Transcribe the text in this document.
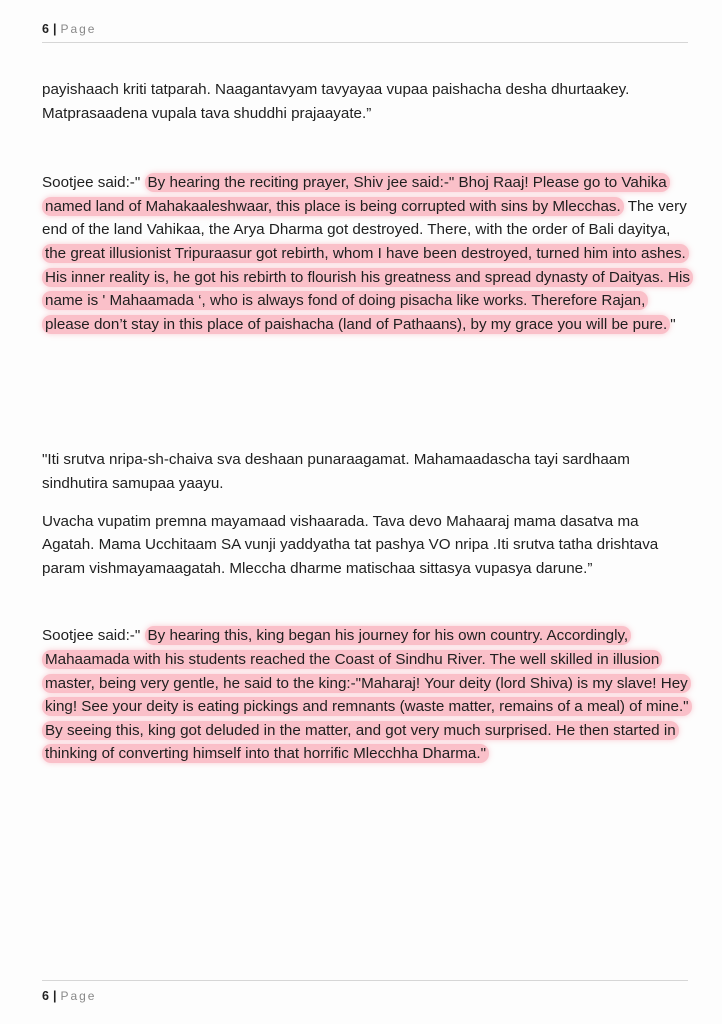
6 | Page

payishaach kriti tatparah. Naagantavyam tavyayaa vupaa paishacha desha dhurtaakey. Matprasaadena vupala tava shuddhi prajaayate.”

Sootjee said:-" By hearing the reciting prayer, Shiv jee said:-" Bhoj Raaj! Please go to Vahika named land of Mahakaaleshwaar, this place is being corrupted with sins by Mlecchas. The very end of the land Vahikaa, the Arya Dharma got destroyed. There, with the order of Bali dayitya, the great illusionist Tripuraasur got rebirth, whom I have been destroyed, turned him into ashes. His inner reality is, he got his rebirth to flourish his greatness and spread dynasty of Daityas. His name is ' Mahaamada ‘, who is always fond of doing pisacha like works. Therefore Rajan, please don’t stay in this place of paishacha (land of Pathaans), by my grace you will be pure. "

"Iti srutva nripa-sh-chaiva sva deshaan punaraagamat. Mahamaadascha tayi sardhaam sindhutira samupaa yaayu.

Uvacha vupatim premna mayamaad vishaarada. Tava devo Mahaaraj mama dasatva ma Agatah. Mama Ucchitaam SA vunji yaddyatha tat pashya VO nripa .Iti srutva tatha drishtava param vishmayamaagatah. Mleccha dharme matischaa sittasya vupasya darune.”

Sootjee said:-" By hearing this, king began his journey for his own country. Accordingly, Mahaamada with his students reached the Coast of Sindhu River. The well skilled in illusion master, being very gentle, he said to the king:-"Maharaj! Your deity (lord Shiva) is my slave! Hey king! See your deity is eating pickings and remnants (waste matter, remains of a meal) of mine." By seeing this, king got deluded in the matter, and got very much surprised. He then started in thinking of converting himself into that horrific Mlecchha Dharma."

6 | Page
